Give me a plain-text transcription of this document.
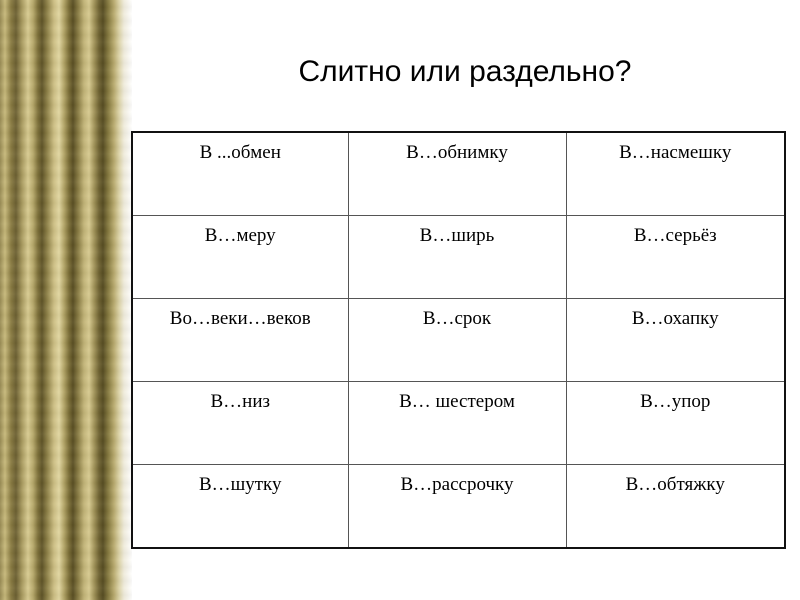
Слитно или раздельно?
В ...обмен	В…обнимку	В…насмешку
В…меру	В…ширь	В…серьёз
Во…веки…веков	В…срок	В…охапку
В…низ	В… шестером	В…упор
В…шутку	В…рассрочку	В…обтяжку
